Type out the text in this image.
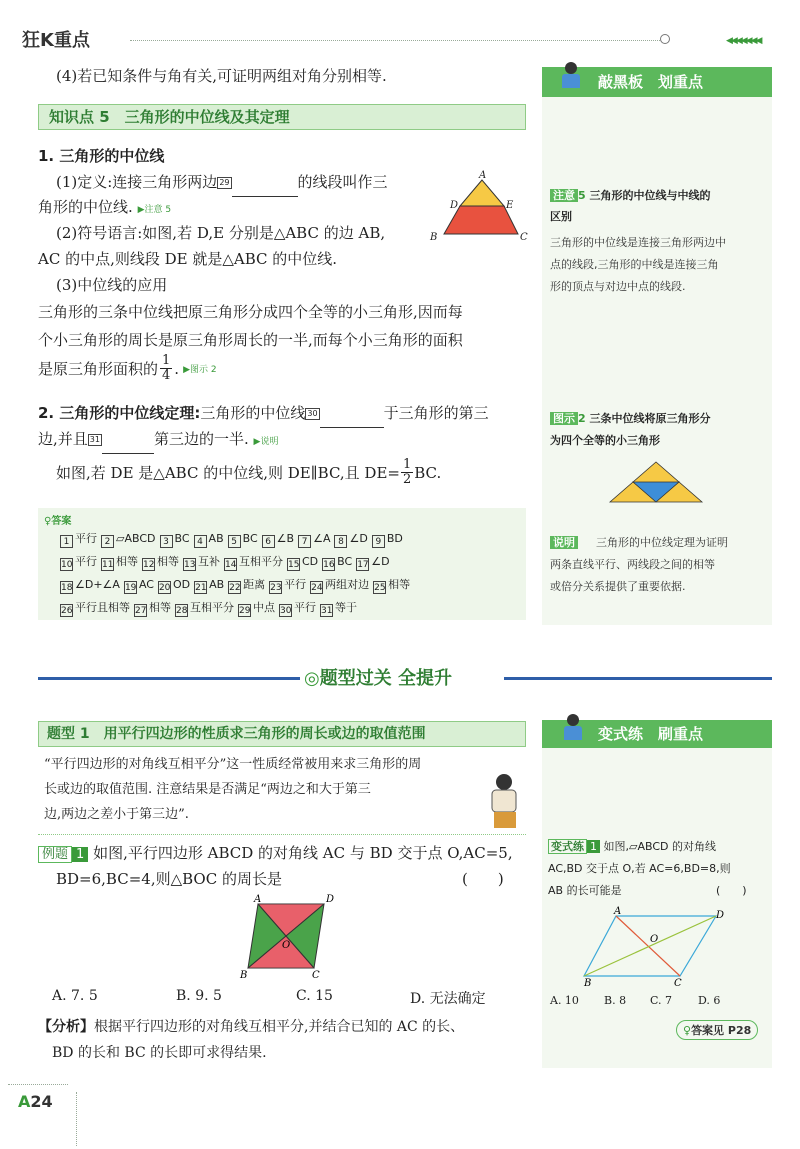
狂K重点	◀◀◀◀◀◀◀

(4)若已知条件与角有关,可证明两组对角分别相等.

知识点 5　三角形的中位线及其定理
1. 三角形的中位线

(1)定义:连接三角形两边 29	的线段叫作三

角形的中位线. ▶注意 5

(2)符号语言:如图,若 D,E 分别是△ABC 的边 AB,

AC 的中点,则线段 DE 就是△ABC 的中位线.

(3)中位线的应用

三角形的三条中位线把原三角形分成四个全等的小三角形,因而每

个小三角形的周长是原三角形周长的一半,而每个小三角形的面积

是原三角形面积的 1
4 . ▶图示 2
A
B	C
D	E

2. 三角形的中位线定理:三角形的中位线 30	于三角形的第三

边,并且 31	第三边的一半. ▶说明

如图,若 DE 是△ABC 的中位线,则 DE∥BC,且 $DE= \frac{1}{2}$ BC.
♀答案
1 平行 2 ▱ABCD 3 BC 4 AB 5 BC 6 ∠B 7 ∠A 8 ∠D 9 BD
10 平行 11 相等 12 相等 13 互补 14 互相平分 15 CD 16 BC 17 ∠D
18 ∠D+∠A 19 AC 20 OD 21 AB 22 距离 23 平行 24 两组对边 25 相等
26 平行且相等 27 相等 28 互相平分 29 中点 30 平行 31 等于
敲黑板　划重点
注意 5 三角形的中位线与中线的
区别
三角形的中位线是连接三角形两边中
点的线段,三角形的中线是连接三角
形的顶点与对边中点的线段.
图示 2 三条中位线将原三角形分
为四个全等的小三角形
三角形的中位线定理为证明
两条直线平行、两线段之间的相等
或倍分关系提供了重要依据.
说明
◎题型过关 全提升
题型 1　用平行四边形的性质求三角形的周长或边的取值范围
“平行四边形的对角线互相平分”这一性质经常被用来求三角形的周
长或边的取值范围. 注意结果是否满足“两边之和大于第三
边,两边之差小于第三边”.
例题 1 如图,平行四边形 ABCD 的对角线 AC 与 BD 交于点 O,AC=5,
BD=6,BC=4,则△BOC 的周长是	(　　)
A	D
B	C
O
A. 7. 5	B. 9. 5	C. 15	D. 无法确定
【分析】根据平行四边形的对角线互相平分,并结合已知的 AC 的长、
BD 的长和 BC 的长即可求得结果.
变式练　刷重点
变式练 1 如图,▱ABCD 的对角线
AC,BD 交于点 O,若 AC=6,BD=8,则
AB 的长可能是	(　　)
A	D
B	C
O
A. 10 B. 8 C. 7 D. 6
♀答案见 P28
A24
